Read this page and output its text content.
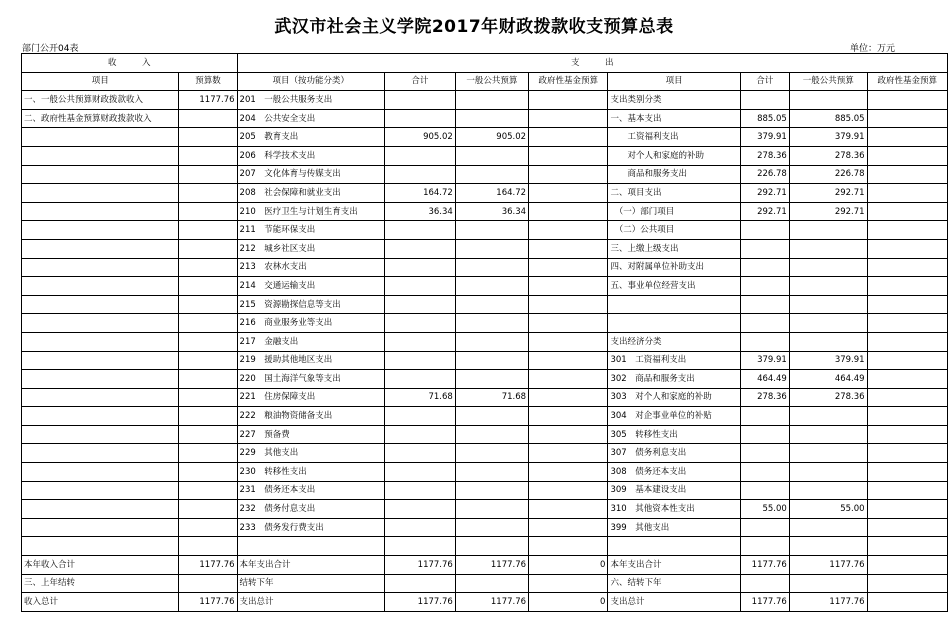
武汉市社会主义学院2017年财政拨款收支预算总表
部门公开04表	单位：万元
收　　　入		支　　　出							
项目	预算数	项目（按功能分类）	合计	一般公共预算	政府性基金预算	项目	合计	一般公共预算	政府性基金预算
一、一般公共预算财政拨款收入	1177.76	201　一般公共服务支出				支出类别分类			
二、政府性基金预算财政拨款收入		204　公共安全支出				一、基本支出	885.05	885.05	
		205　教育支出	905.02	905.02		　　工资福利支出	379.91	379.91	
		206　科学技术支出				　　对个人和家庭的补助	278.36	278.36	
		207　文化体育与传媒支出				　　商品和服务支出	226.78	226.78	
		208　社会保障和就业支出	164.72	164.72		二、项目支出	292.71	292.71	
		210　医疗卫生与计划生育支出	36.34	36.34		　（一）部门项目	292.71	292.71	
		211　节能环保支出				　（二）公共项目			
		212　城乡社区支出				三、上缴上级支出			
		213　农林水支出				四、对附属单位补助支出			
		214　交通运输支出				五、事业单位经营支出			
		215　资源勘探信息等支出							
		216　商业服务业等支出							
		217　金融支出				支出经济分类			
		219　援助其他地区支出				301　工资福利支出	379.91	379.91	
		220　国土海洋气象等支出				302　商品和服务支出	464.49	464.49	
		221　住房保障支出	71.68	71.68		303　对个人和家庭的补助	278.36	278.36	
		222　粮油物资储备支出				304　对企事业单位的补贴			
		227　预备费				305　转移性支出			
		229　其他支出				307　债务利息支出			
		230　转移性支出				308　债务还本支出			
		231　债务还本支出				309　基本建设支出			
		232　债务付息支出				310　其他资本性支出	55.00	55.00	
		233　债务发行费支出				399　其他支出			

本年收入合计	1177.76	本年支出合计	1177.76	1177.76	0	本年支出合计	1177.76	1177.76	
三、上年结转		结转下年				六、结转下年			
收入总计	1177.76	支出总计	1177.76	1177.76	0	支出总计	1177.76	1177.76	
